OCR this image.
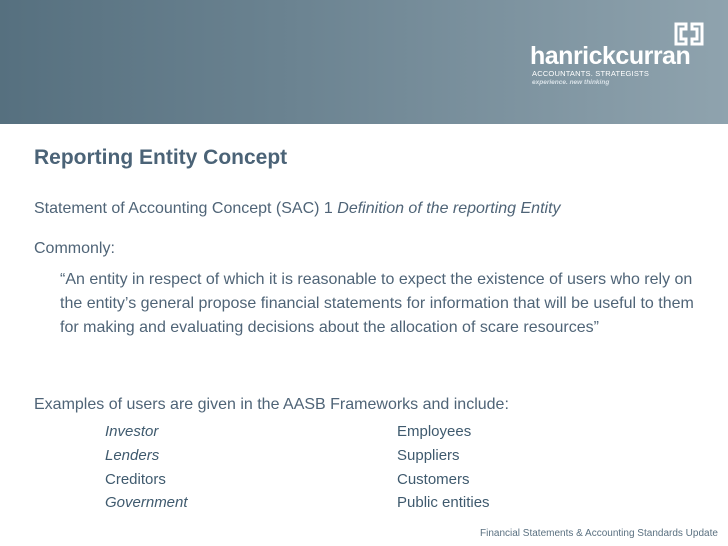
hanrickcurran
ACCOUNTANTS. STRATEGISTS
experience. new thinking
Reporting Entity Concept
Statement of Accounting Concept (SAC) 1 Definition of the reporting Entity
Commonly:
“An entity in respect of which it is reasonable to expect the existence of users who rely on the entity’s general propose financial statements for information that will be useful to them for making and evaluating decisions about the allocation of scare resources”
Examples of users are given in the AASB Frameworks and include:
Investor
Lenders
Creditors
Government
Employees
Suppliers
Customers
Public entities
Financial Statements & Accounting Standards Update
